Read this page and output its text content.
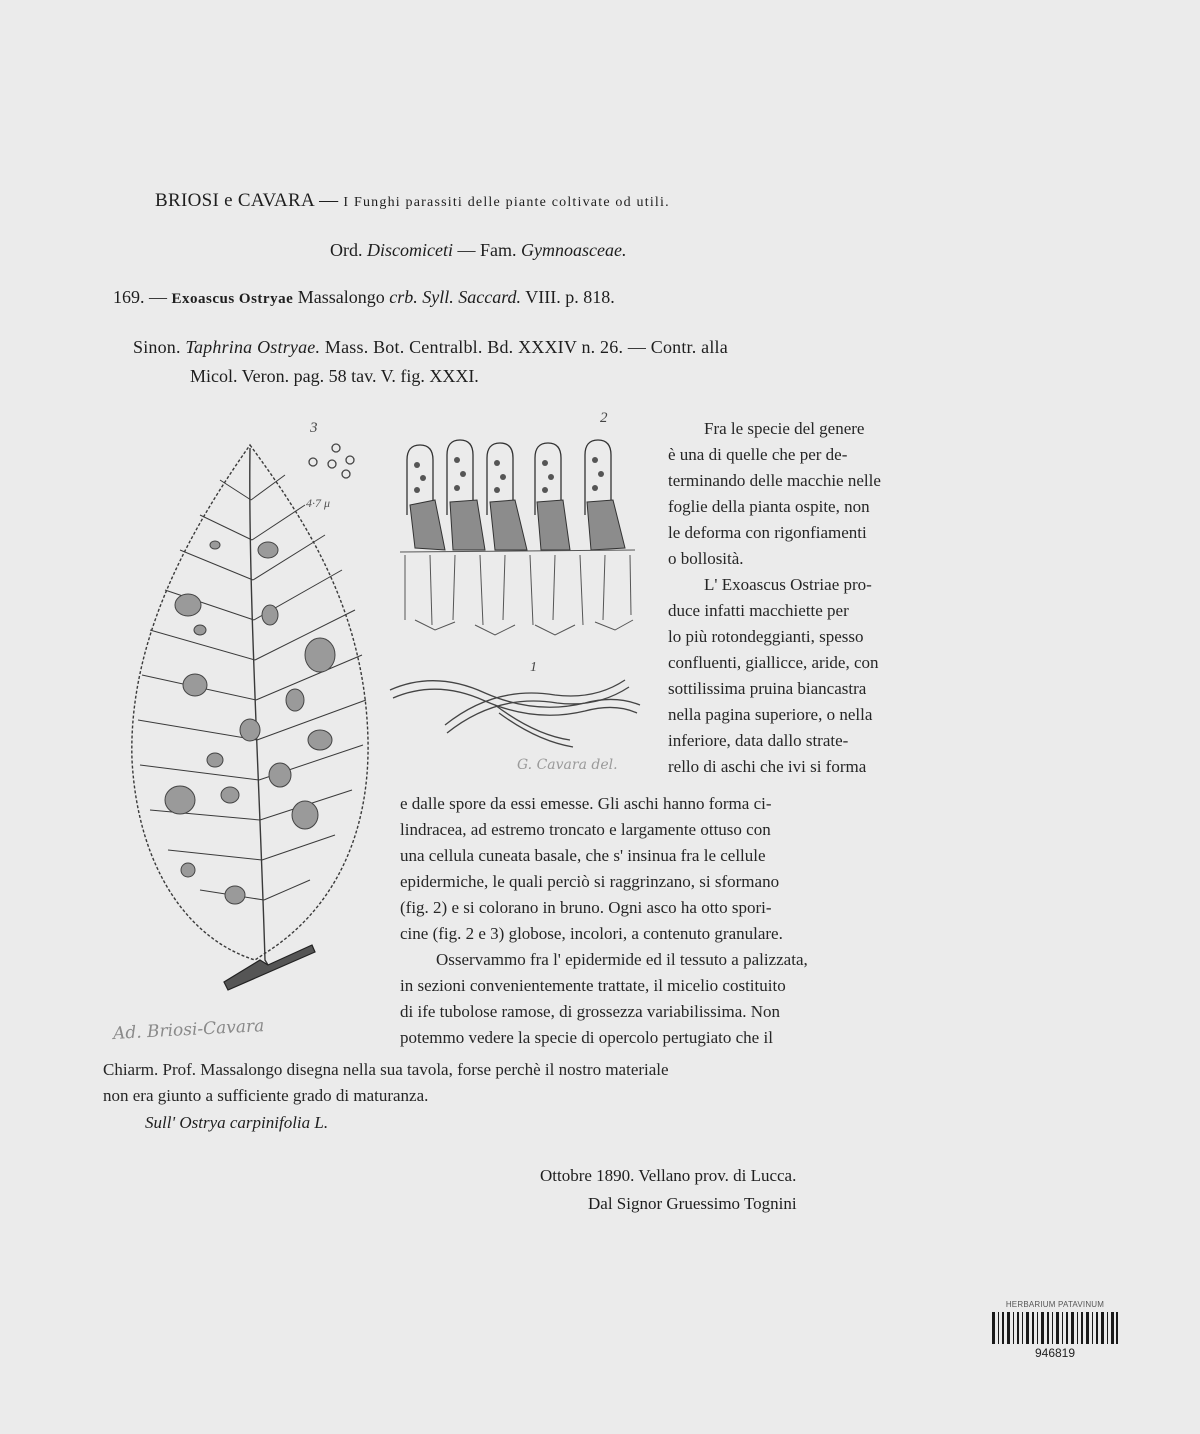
BRIOSI e CAVARA — I Funghi parassiti delle piante coltivate od utili.
Ord. Discomiceti — Fam. Gymnoasceae.
169. — Exoascus Ostryae Massalongo crb. Syll. Saccard. VIII. p. 818.
Sinon. Taphrina Ostryae. Mass. Bot. Centralbl. Bd. XXXIV n. 26. — Contr. alla
Micol. Veron. pag. 58 tav. V. fig. XXXI.
Fra le specie del genere
è una di quelle che per de-
terminando delle macchie nelle
foglie della pianta ospite, non
le deforma con rigonfiamenti
o bollosità.
L' Exoascus Ostriae pro-
duce infatti macchiette per
lo più rotondeggianti, spesso
confluenti, giallicce, aride, con
sottilissima pruina biancastra
nella pagina superiore, o nella
inferiore, data dallo strate-
rello di aschi che ivi si forma
e dalle spore da essi emesse. Gli aschi hanno forma ci-
lindracea, ad estremo troncato e largamente ottuso con
una cellula cuneata basale, che s' insinua fra le cellule
epidermiche, le quali perciò si raggrinzano, si sformano
(fig. 2) e si colorano in bruno. Ogni asco ha otto spori-
cine (fig. 2 e 3) globose, incolori, a contenuto granulare.
Osservammo fra l' epidermide ed il tessuto a palizzata,
in sezioni convenientemente trattate, il micelio costituito
di ife tubolose ramose, di grossezza variabilissima. Non
potemmo vedere la specie di opercolo pertugiato che il
Chiarm. Prof. Massalongo disegna nella sua tavola, forse perchè il nostro materiale
non era giunto a sufficiente grado di maturanza.
Sull' Ostrya carpinifolia L.
Ottobre 1890. Vellano prov. di Lucca.
Dal Signor Gruessimo Tognini
3
4·7 μ
2
1
Ad. Briosi-Cavara
G. Cavara del.
HERBARIUM PATAVINUM
946819
